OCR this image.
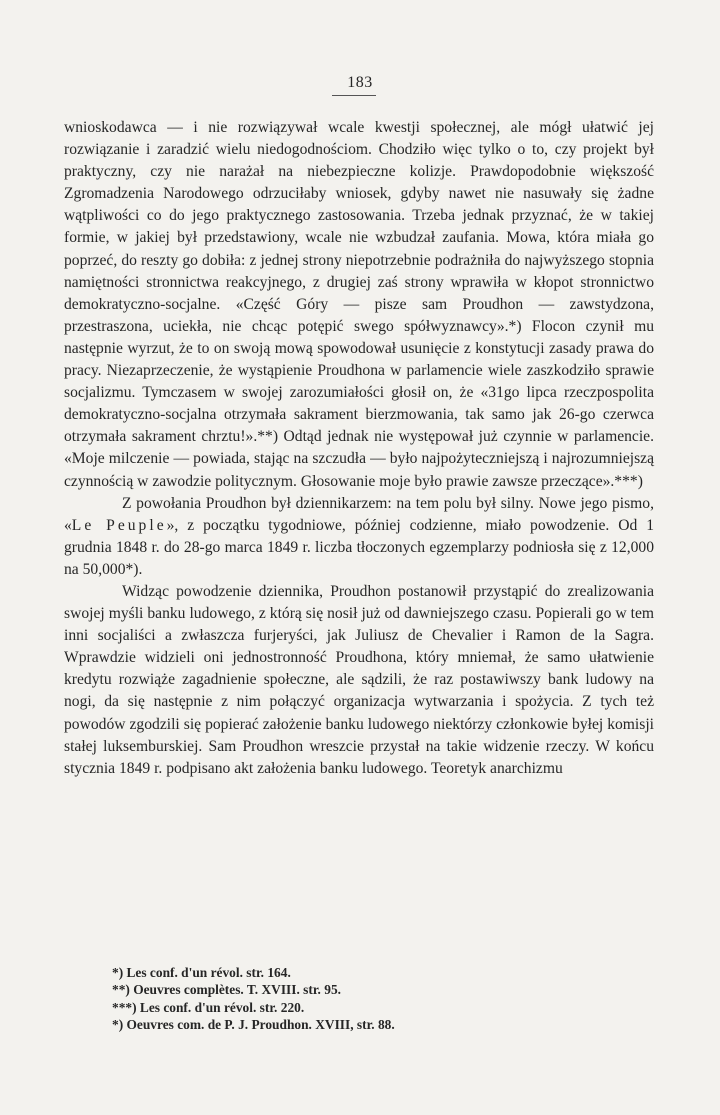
183

wnioskodawca — i nie rozwiązywał wcale kwestji społecznej, ale mógł ułatwić jej rozwiązanie i zaradzić wielu niedogodnościom. Chodziło więc tylko o to, czy projekt był praktyczny, czy nie narażał na niebezpieczne kolizje. Prawdopodobnie większość Zgromadzenia Narodowego odrzuciłaby wniosek, gdyby nawet nie nasuwały się żadne wątpliwości co do jego praktycznego zastosowania. Trzeba jednak przyznać, że w takiej formie, w jakiej był przedstawiony, wcale nie wzbudzał zaufania. Mowa, która miała go poprzeć, do reszty go dobiła: z jednej strony niepotrzebnie podrażniła do najwyższego stopnia namiętności stronnictwa reakcyjnego, z drugiej zaś strony wprawiła w kłopot stronnictwo demokratyczno-socjalne. «Część Góry — pisze sam Proudhon — zawstydzona, przestraszona, uciekła, nie chcąc potępić swego spółwyznawcy».*) Flocon czynił mu następnie wyrzut, że to on swoją mową spowodował usunięcie z konstytucji zasady prawa do pracy. Niezaprzeczenie, że wystąpienie Proudhona w parlamencie wiele zaszkodziło sprawie socjalizmu. Tymczasem w swojej zarozumiałości głosił on, że «31go lipca rzeczpospolita demokratyczno-socjalna otrzymała sakrament bierzmowania, tak samo jak 26-go czerwca otrzymała sakrament chrztu!».**) Odtąd jednak nie występował już czynnie w parlamencie. «Moje milczenie — powiada, stając na szczudła — było najpożyteczniejszą i najrozumniejszą czynnością w zawodzie politycznym. Głosowanie moje było prawie zawsze przeczące».***)

Z powołania Proudhon był dziennikarzem: na tem polu był silny. Nowe jego pismo, «Le Peuple», z początku tygodniowe, później codzienne, miało powodzenie. Od 1 grudnia 1848 r. do 28-go marca 1849 r. liczba tłoczonych egzemplarzy podniosła się z 12,000 na 50,000*).

Widząc powodzenie dziennika, Proudhon postanowił przystąpić do zrealizowania swojej myśli banku ludowego, z którą się nosił już od dawniejszego czasu. Popierali go w tem inni socjaliści a zwłaszcza furjeryści, jak Juliusz de Chevalier i Ramon de la Sagra. Wprawdzie widzieli oni jednostronność Proudhona, który mniemał, że samo ułatwienie kredytu rozwiąże zagadnienie społeczne, ale sądzili, że raz postawiwszy bank ludowy na nogi, da się następnie z nim połączyć organizacja wytwarzania i spożycia. Z tych też powodów zgodzili się popierać założenie banku ludowego niektórzy członkowie byłej komisji stałej luksemburskiej. Sam Proudhon wreszcie przystał na takie widzenie rzeczy. W końcu stycznia 1849 r. podpisano akt założenia banku ludowego. Teoretyk anarchizmu

*) Les conf. d'un révol. str. 164.
**) Oeuvres complètes. T. XVIII. str. 95.
***) Les conf. d'un révol. str. 220.
*) Oeuvres com. de P. J. Proudhon. XVIII, str. 88.
